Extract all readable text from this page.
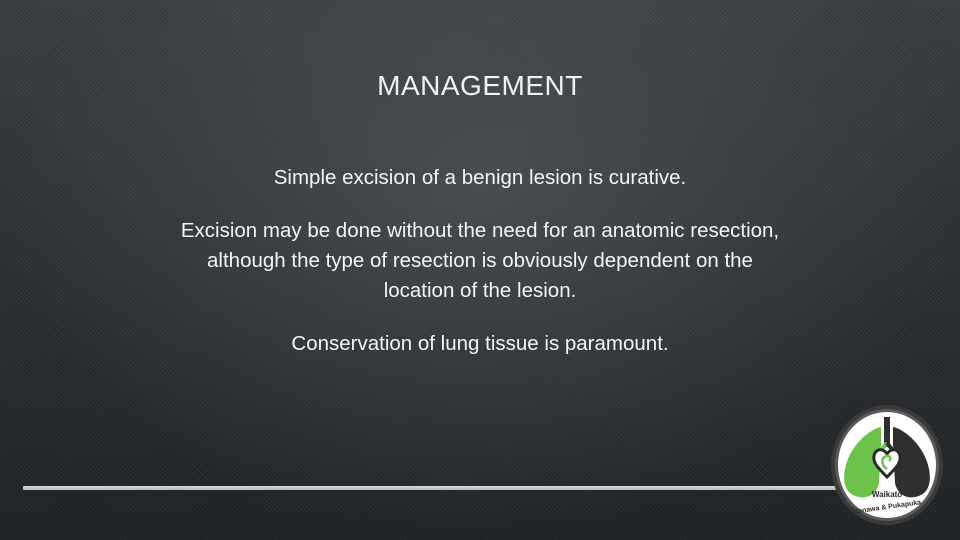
MANAGEMENT

Simple excision of a benign lesion is curative.

Excision may be done without the need for an anatomic resection, although the type of resection is obviously dependent on the location of the lesion.

Conservation of lung tissue is paramount.

Waikato
Manawa & Pukapuka
